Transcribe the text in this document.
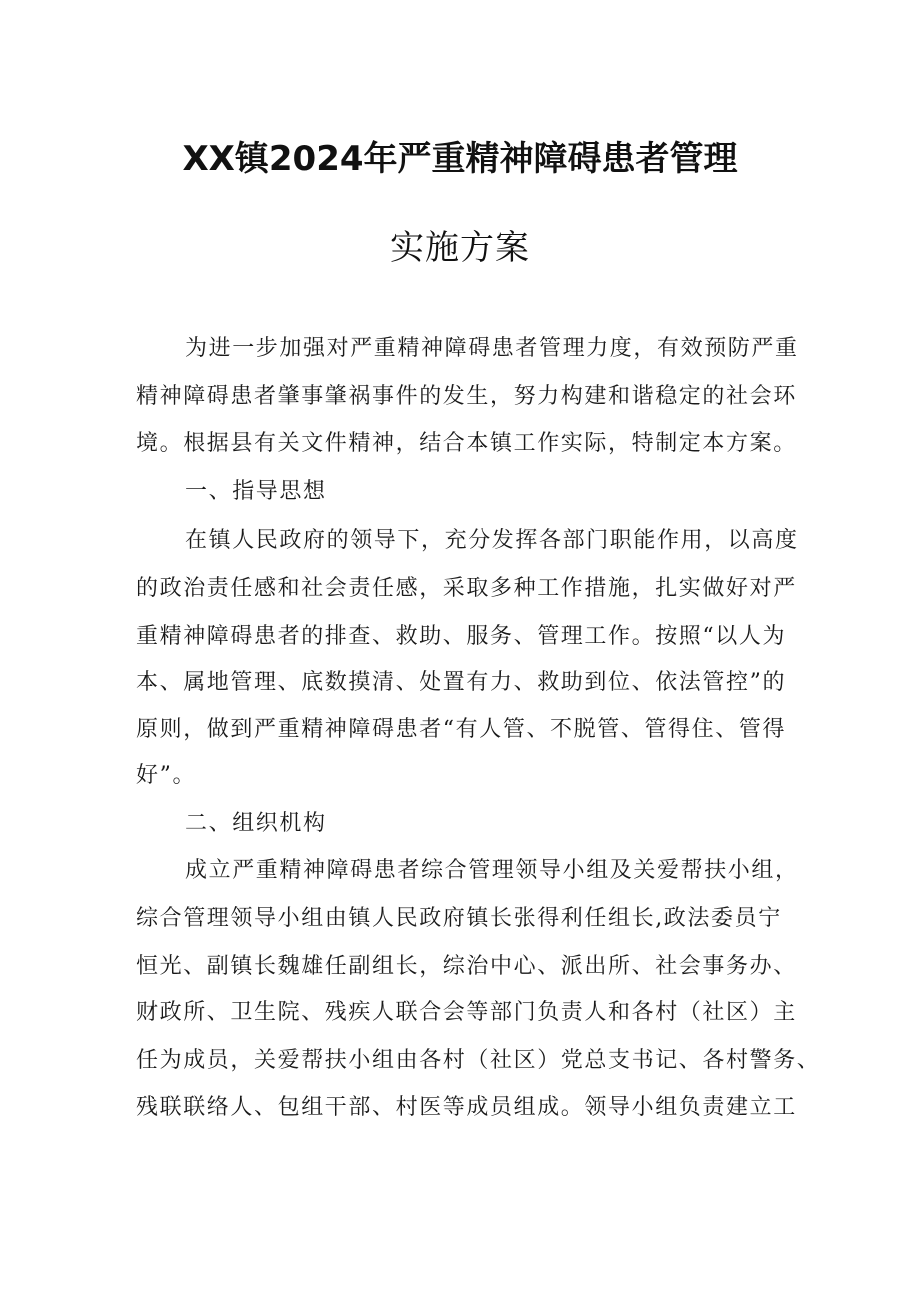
XX镇2024年严重精神障碍患者管理
实施方案
为进一步加强对严重精神障碍患者管理力度，有效预防严重
精神障碍患者肇事肇祸事件的发生，努力构建和谐稳定的社会环
境。根据县有关文件精神，结合本镇工作实际，特制定本方案。
一、指导思想
在镇人民政府的领导下，充分发挥各部门职能作用，以高度
的政治责任感和社会责任感，采取多种工作措施，扎实做好对严
重精神障碍患者的排查、救助、服务、管理工作。按照“以人为
本、属地管理、底数摸清、处置有力、救助到位、依法管控”的
原则，做到严重精神障碍患者“有人管、不脱管、管得住、管得
好”。
二、组织机构
成立严重精神障碍患者综合管理领导小组及关爱帮扶小组，
综合管理领导小组由镇人民政府镇长张得利任组长,政法委员宁
恒光、副镇长魏雄任副组长，综治中心、派出所、社会事务办、
财政所、卫生院、残疾人联合会等部门负责人和各村（社区）主
任为成员，关爱帮扶小组由各村（社区）党总支书记、各村警务、
残联联络人、包组干部、村医等成员组成。领导小组负责建立工
